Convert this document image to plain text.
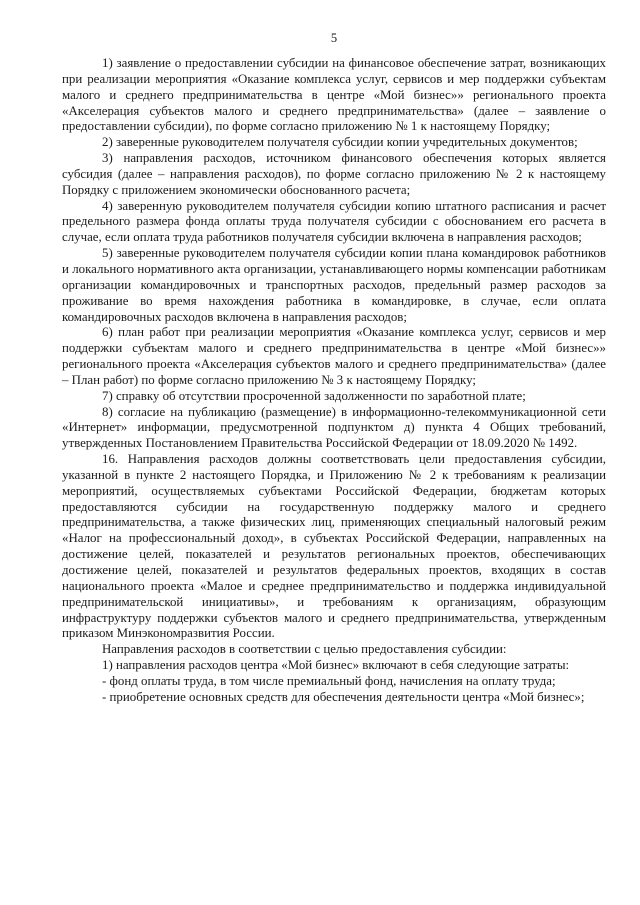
5

1) заявление о предоставлении субсидии на финансовое обеспечение затрат, возникающих при реализации мероприятия «Оказание комплекса услуг, сервисов и мер поддержки субъектам малого и среднего предпринимательства в центре «Мой бизнес»» регионального проекта «Акселерация субъектов малого и среднего предпринимательства» (далее – заявление о предоставлении субсидии), по форме согласно приложению № 1 к настоящему Порядку;

2) заверенные руководителем получателя субсидии копии учредительных документов;

3) направления расходов, источником финансового обеспечения которых является субсидия (далее – направления расходов), по форме согласно приложению № 2 к настоящему Порядку с приложением экономически обоснованного расчета;

4) заверенную руководителем получателя субсидии копию штатного расписания и расчет предельного размера фонда оплаты труда получателя субсидии с обоснованием его расчета в случае, если оплата труда работников получателя субсидии включена в направления расходов;

5) заверенные руководителем получателя субсидии копии плана командировок работников и локального нормативного акта организации, устанавливающего нормы компенсации работникам организации командировочных и транспортных расходов, предельный размер расходов за проживание во время нахождения работника в командировке, в случае, если оплата командировочных расходов включена в направления расходов;

6) план работ при реализации мероприятия «Оказание комплекса услуг, сервисов и мер поддержки субъектам малого и среднего предпринимательства в центре «Мой бизнес»» регионального проекта «Акселерация субъектов малого и среднего предпринимательства» (далее – План работ) по форме согласно приложению № 3 к настоящему Порядку;

7) справку об отсутствии просроченной задолженности по заработной плате;

8) согласие на публикацию (размещение) в информационно-телекоммуникационной сети «Интернет» информации, предусмотренной подпунктом д) пункта 4 Общих требований, утвержденных Постановлением Правительства Российской Федерации от 18.09.2020 № 1492.

16. Направления расходов должны соответствовать цели предоставления субсидии, указанной в пункте 2 настоящего Порядка, и Приложению № 2 к требованиям к реализации мероприятий, осуществляемых субъектами Российской Федерации, бюджетам которых предоставляются субсидии на государственную поддержку малого и среднего предпринимательства, а также физических лиц, применяющих специальный налоговый режим «Налог на профессиональный доход», в субъектах Российской Федерации, направленных на достижение целей, показателей и результатов региональных проектов, обеспечивающих достижение целей, показателей и результатов федеральных проектов, входящих в состав национального проекта «Малое и среднее предпринимательство и поддержка индивидуальной предпринимательской инициативы», и требованиям к организациям, образующим инфраструктуру поддержки субъектов малого и среднего предпринимательства, утвержденным приказом Минэкономразвития России.

Направления расходов в соответствии с целью предоставления субсидии:

1) направления расходов центра «Мой бизнес» включают в себя следующие затраты:

- фонд оплаты труда, в том числе премиальный фонд, начисления на оплату труда;

- приобретение основных средств для обеспечения деятельности центра «Мой бизнес»;
